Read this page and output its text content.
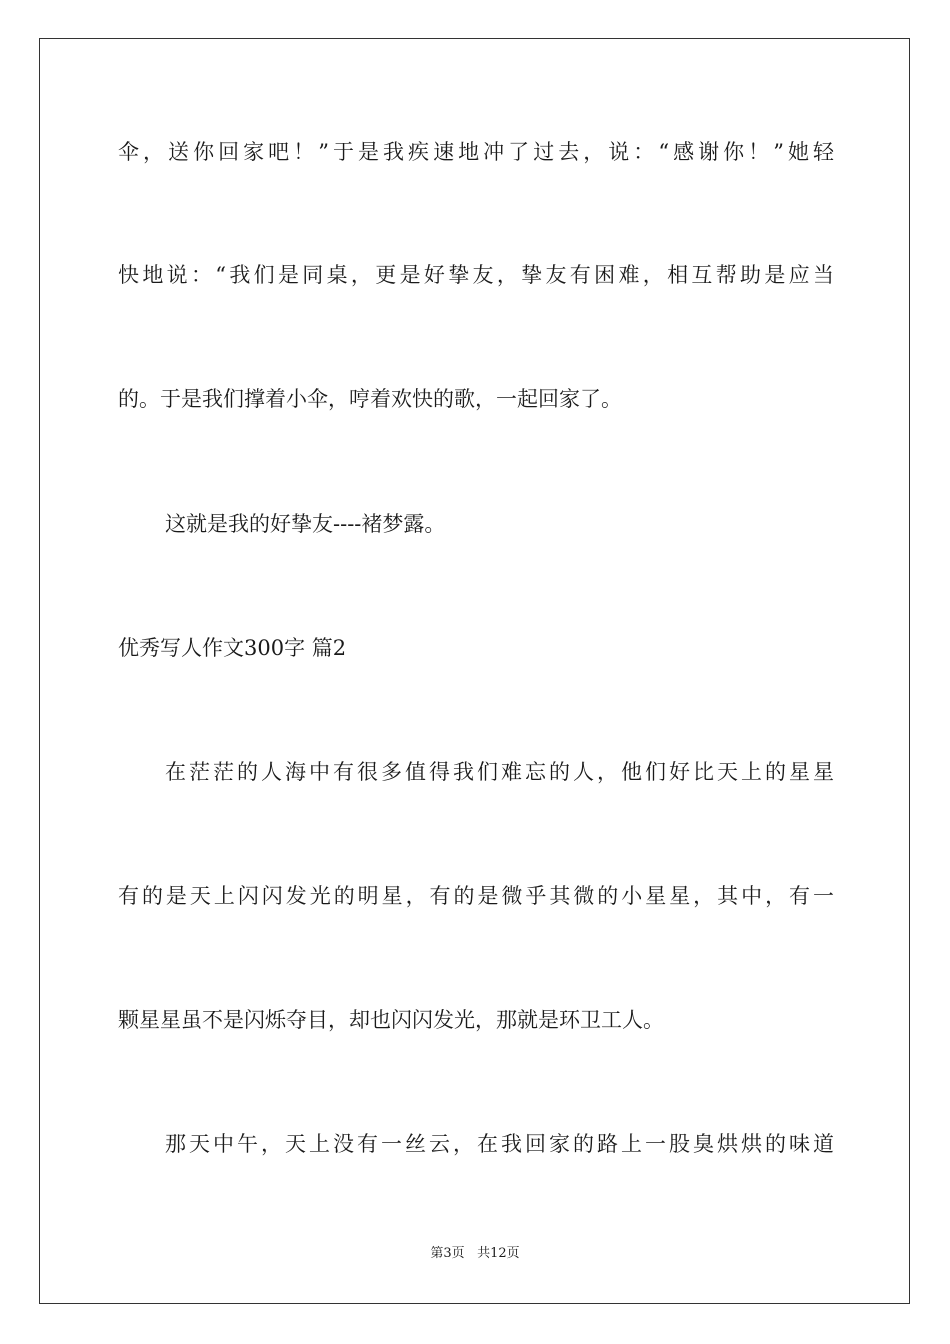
伞，送你回家吧！”于是我疾速地冲了过去，说：“感谢你！”她轻
快地说：“我们是同桌，更是好挚友，挚友有困难，相互帮助是应当
的。于是我们撑着小伞，哼着欢快的歌，一起回家了。
这就是我的好挚友----褚梦露。
优秀写人作文300字 篇2
在茫茫的人海中有很多值得我们难忘的人，他们好比天上的星星
有的是天上闪闪发光的明星，有的是微乎其微的小星星，其中，有一
颗星星虽不是闪烁夺目，却也闪闪发光，那就是环卫工人。
那天中午，天上没有一丝云，在我回家的路上一股臭烘烘的味道
第3页 共12页
